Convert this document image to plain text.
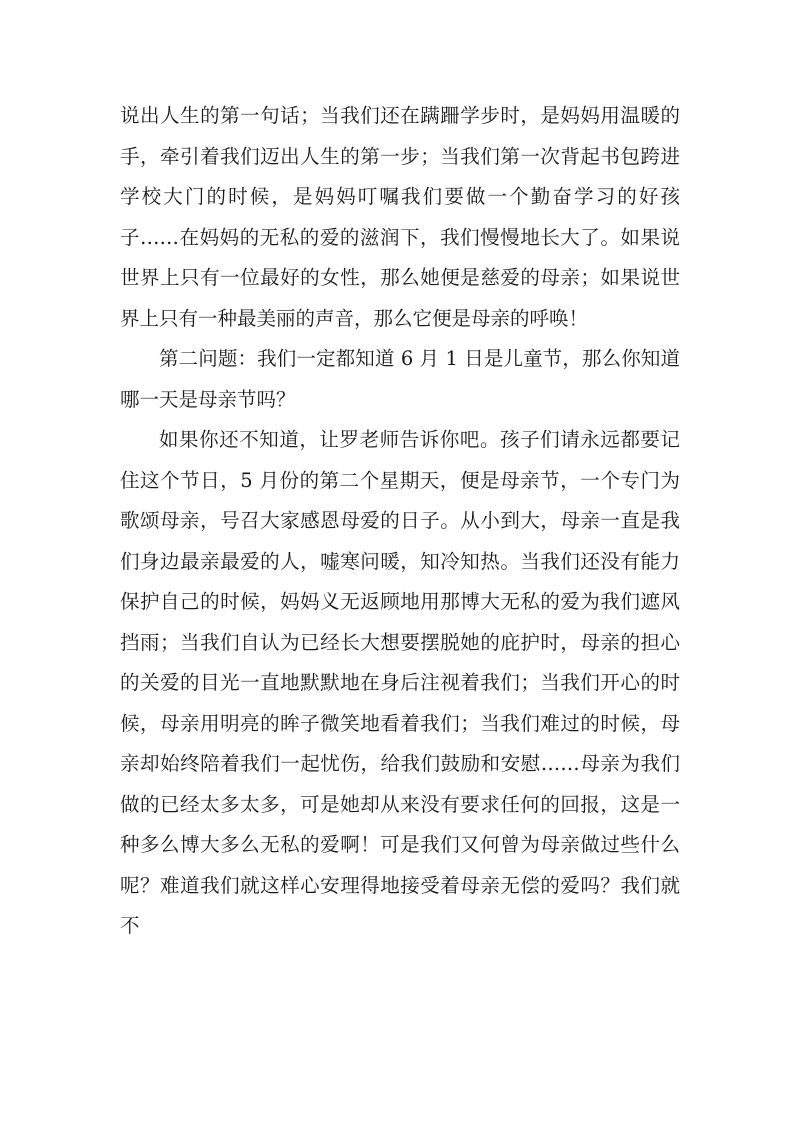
说出人生的第一句话；当我们还在蹒跚学步时，是妈妈用温暖的手，牵引着我们迈出人生的第一步；当我们第一次背起书包跨进学校大门的时候，是妈妈叮嘱我们要做一个勤奋学习的好孩子……在妈妈的无私的爱的滋润下，我们慢慢地长大了。如果说世界上只有一位最好的女性，那么她便是慈爱的母亲；如果说世界上只有一种最美丽的声音，那么它便是母亲的呼唤！

第二问题：我们一定都知道 6 月 1 日是儿童节，那么你知道哪一天是母亲节吗？

如果你还不知道，让罗老师告诉你吧。孩子们请永远都要记住这个节日，5 月份的第二个星期天，便是母亲节，一个专门为歌颂母亲，号召大家感恩母爱的日子。从小到大，母亲一直是我们身边最亲最爱的人，嘘寒问暖，知冷知热。当我们还没有能力保护自己的时候，妈妈义无返顾地用那博大无私的爱为我们遮风挡雨；当我们自认为已经长大想要摆脱她的庇护时，母亲的担心的关爱的目光一直地默默地在身后注视着我们；当我们开心的时候，母亲用明亮的眸子微笑地看着我们；当我们难过的时候，母亲却始终陪着我们一起忧伤，给我们鼓励和安慰……母亲为我们做的已经太多太多，可是她却从来没有要求任何的回报，这是一种多么博大多么无私的爱啊！可是我们又何曾为母亲做过些什么呢？难道我们就这样心安理得地接受着母亲无偿的爱吗？我们就不
